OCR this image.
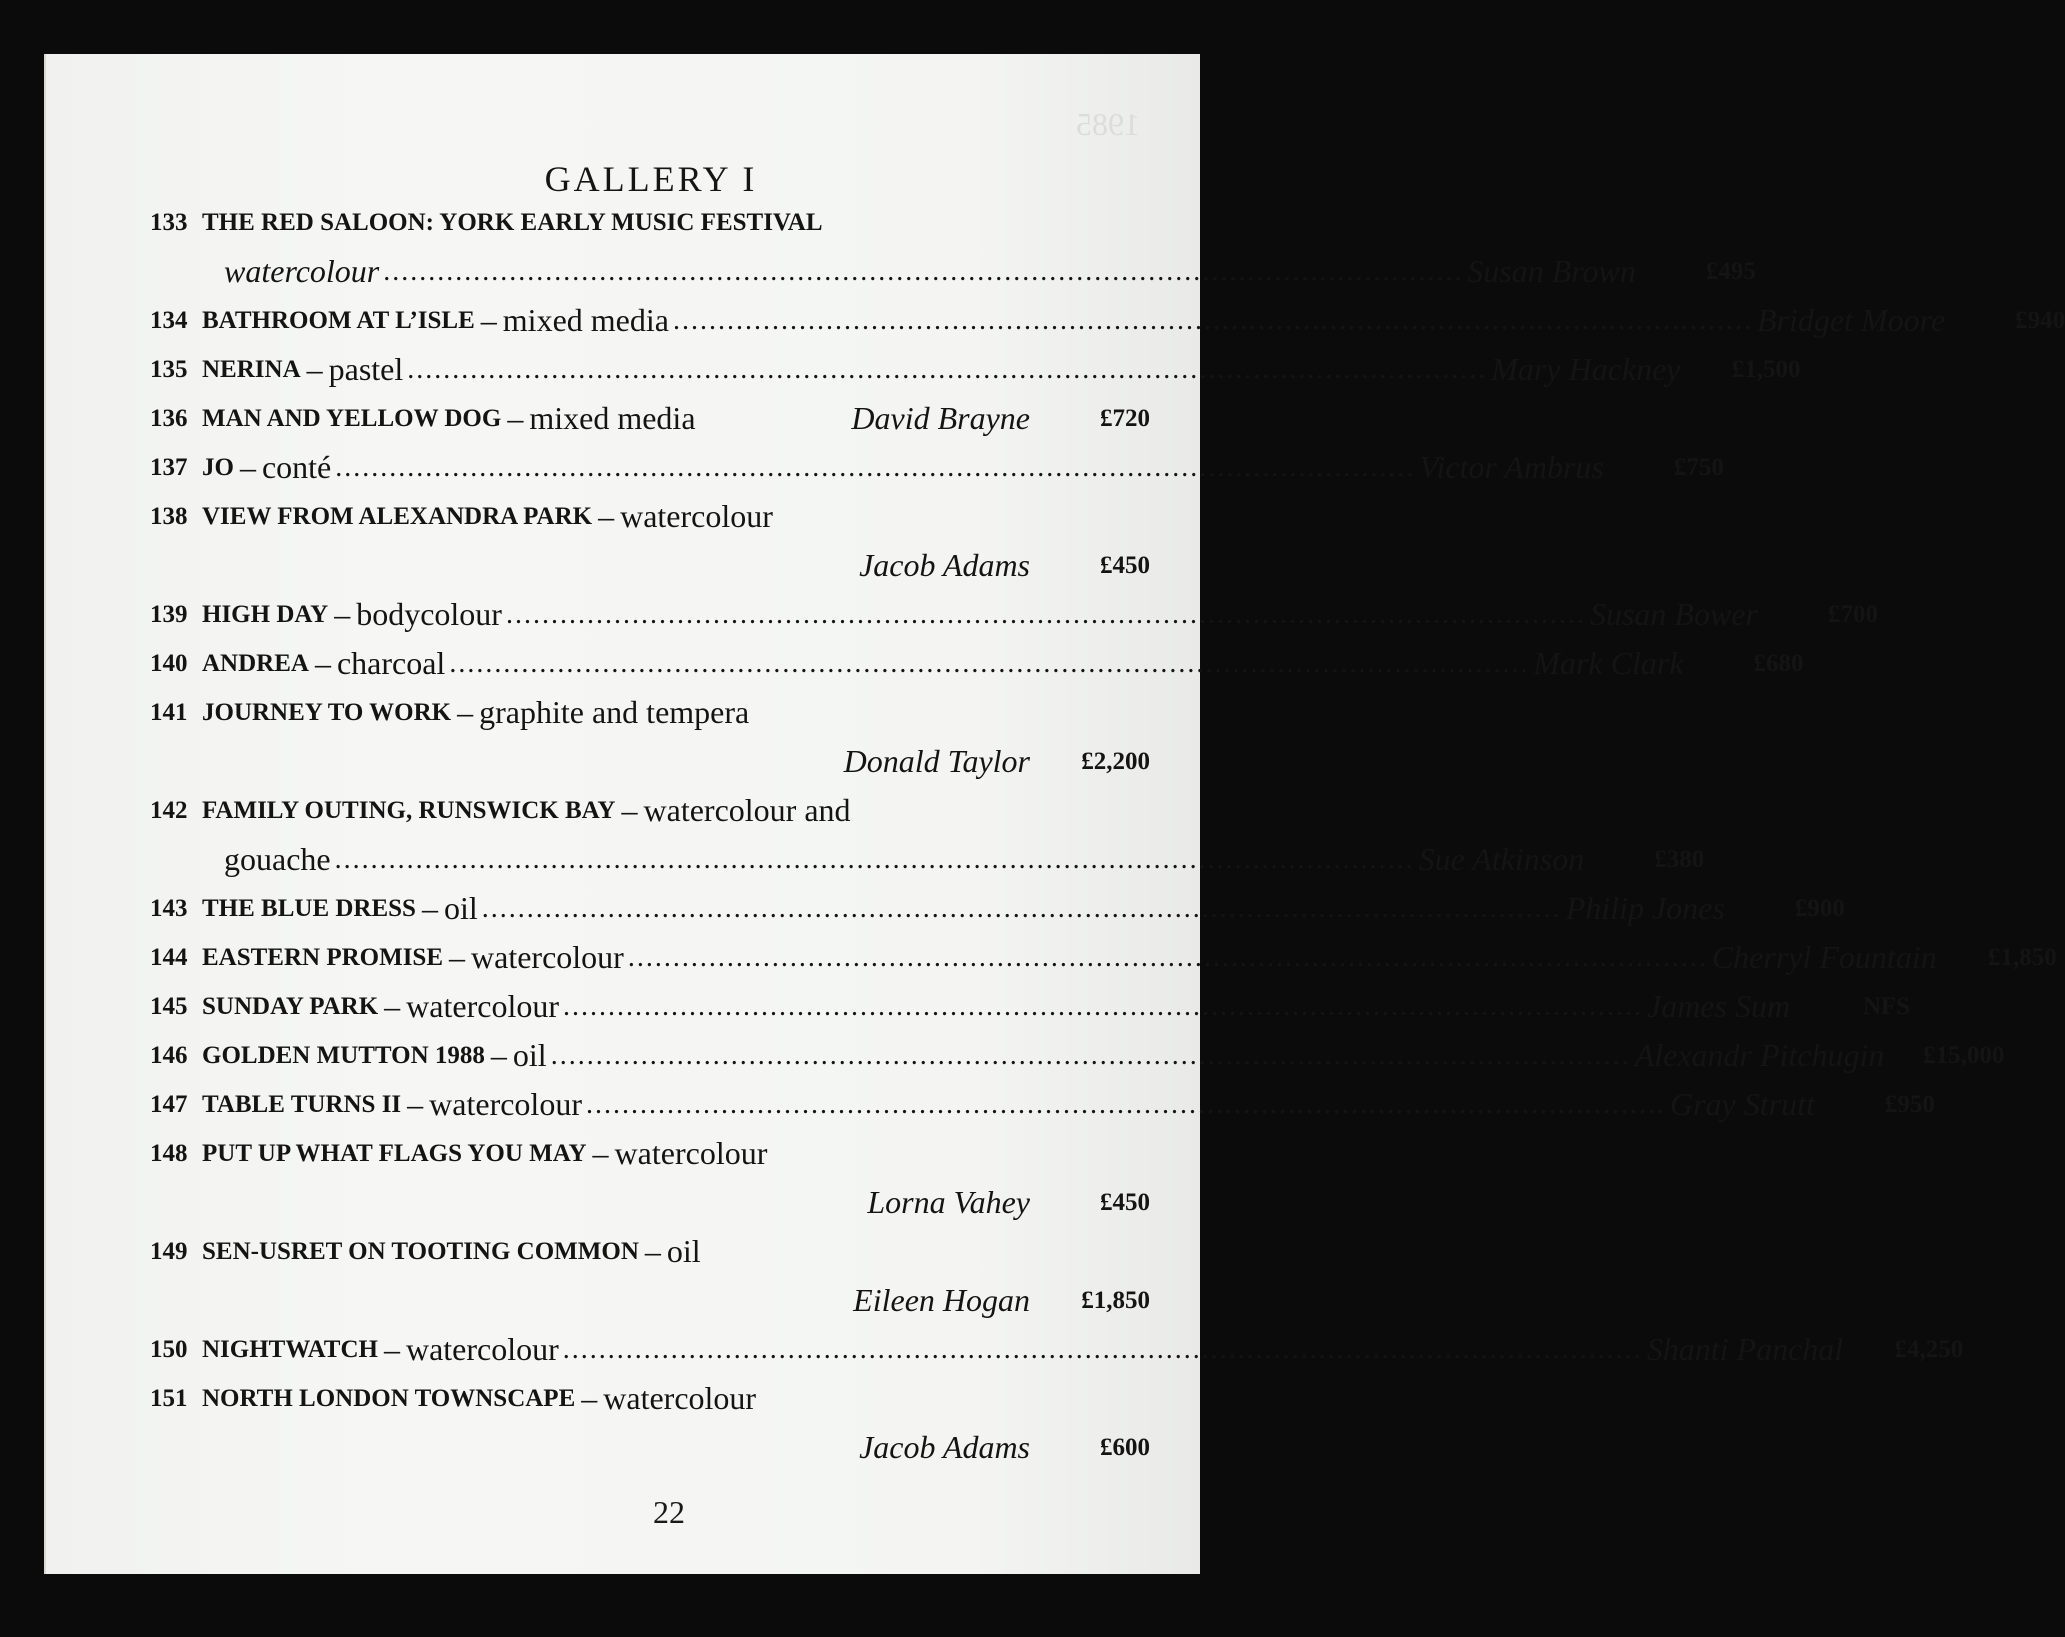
1985
GALLERY I
22
133 THE RED SALOON: YORK EARLY MUSIC FESTIVAL
watercolour ........................................................................................................................ Susan Brown	£495
134 BATHROOM AT L’ISLE – mixed media ........................................................................................................................ Bridget Moore	£940
135 NERINA – pastel ........................................................................................................................ Mary Hackney	£1,500
136 MAN AND YELLOW DOG – mixed media	David Brayne	£720
137 JO – conté ........................................................................................................................ Victor Ambrus	£750
138 VIEW FROM ALEXANDRA PARK – watercolour
Jacob Adams	£450
139 HIGH DAY – bodycolour ........................................................................................................................ Susan Bower	£700
140 ANDREA – charcoal ........................................................................................................................ Mark Clark	£680
141 JOURNEY TO WORK – graphite and tempera
Donald Taylor	£2,200
142 FAMILY OUTING, RUNSWICK BAY – watercolour and
gouache ........................................................................................................................ Sue Atkinson	£380
143 THE BLUE DRESS – oil ........................................................................................................................ Philip Jones	£900
144 EASTERN PROMISE – watercolour ........................................................................................................................ Cherryl Fountain	£1,850
145 SUNDAY PARK – watercolour ........................................................................................................................ James Sum	NFS
146 GOLDEN MUTTON 1988 – oil ........................................................................................................................ Alexandr Pitchugin	£15,000
147 TABLE TURNS II – watercolour ........................................................................................................................ Gray Strutt	£950
148 PUT UP WHAT FLAGS YOU MAY – watercolour
Lorna Vahey	£450
149 SEN-USRET ON TOOTING COMMON – oil
Eileen Hogan	£1,850
150 NIGHTWATCH – watercolour ........................................................................................................................ Shanti Panchal	£4,250
151 NORTH LONDON TOWNSCAPE – watercolour
Jacob Adams	£600
